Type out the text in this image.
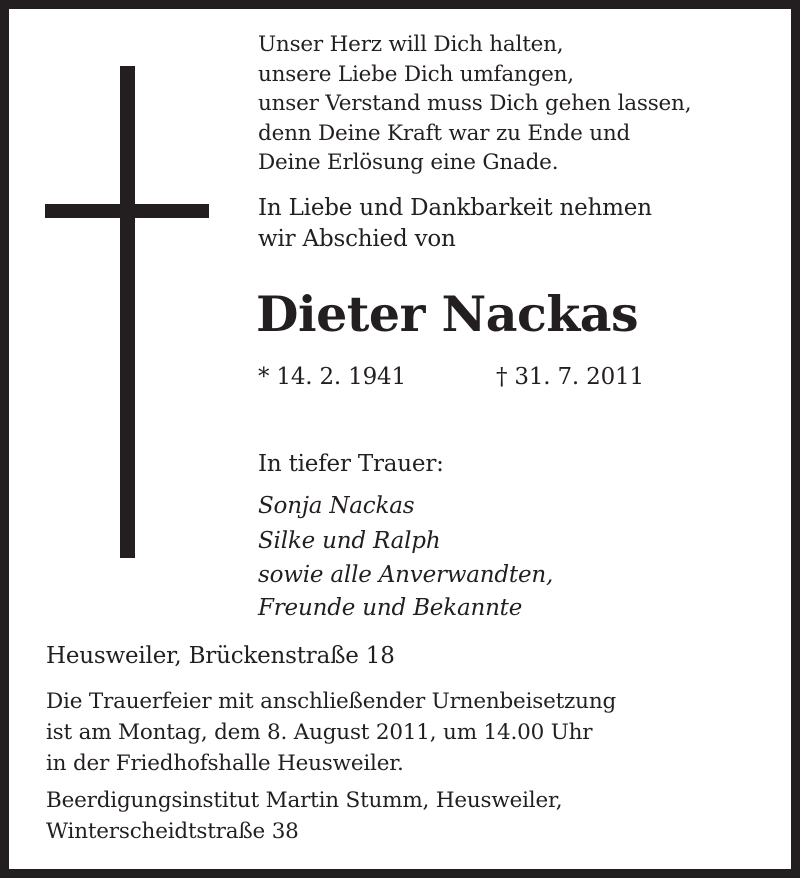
Unser Herz will Dich halten,
unsere Liebe Dich umfangen,
unser Verstand muss Dich gehen lassen,
denn Deine Kraft war zu Ende und
Deine Erlösung eine Gnade.
In Liebe und Dankbarkeit nehmen
wir Abschied von
Dieter Nackas
* 14. 2. 1941	† 31. 7. 2011
In tiefer Trauer:
Sonja Nackas
Silke und Ralph
sowie alle Anverwandten,
Freunde und Bekannte
Heusweiler, Brückenstraße 18
Die Trauerfeier mit anschließender Urnenbeisetzung
ist am Montag, dem 8. August 2011, um 14.00 Uhr
in der Friedhofshalle Heusweiler.
Beerdigungsinstitut Martin Stumm, Heusweiler,
Winterscheidtstraße 38
